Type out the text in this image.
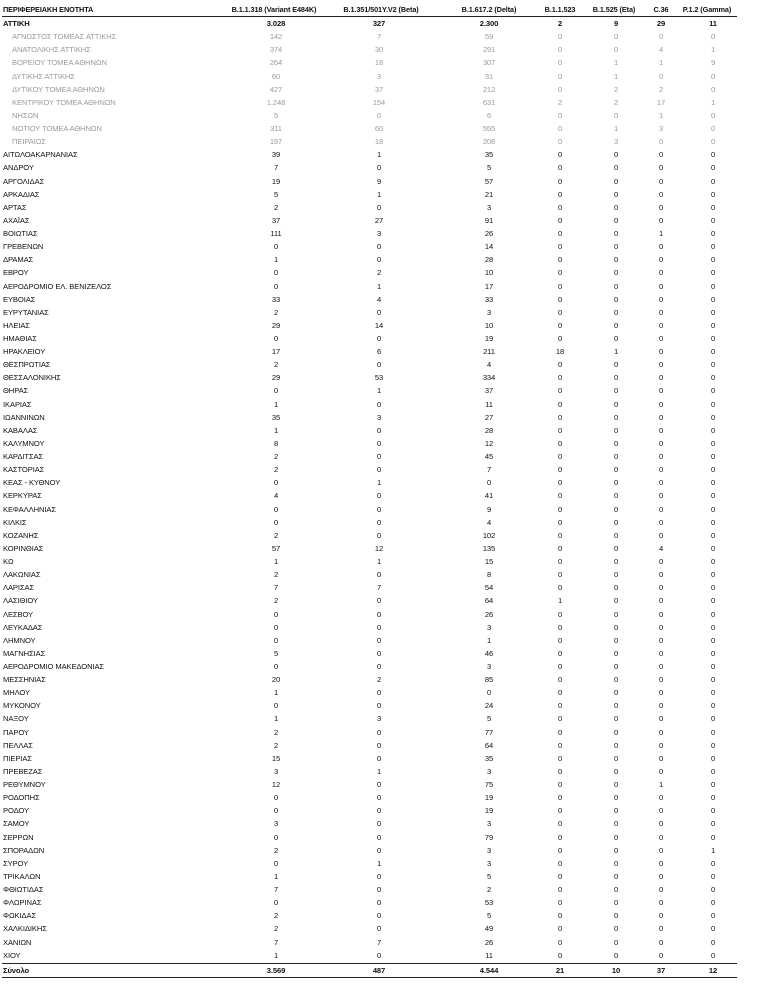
ΠΕΡΙΦΕΡΕΙΑΚΗ ΕΝΟΤΗΤΑ	B.1.1.318 (Variant E484K)	B.1.351/501Y.V2 (Beta)	B.1.617.2 (Delta)	B.1.1.523	B.1.525 (Eta)	C.36	P.1.2 (Gamma)
ΑΤΤΙΚΗ	3.028	327	2.300	2	9	29	11
ΑΓΝΩΣΤΟΣ ΤΟΜΕΑΣ ΑΤΤΙΚΗΣ	142	7	59	0	0	0	0
ΑΝΑΤΟΛΙΚΗΣ ΑΤΤΙΚΗΣ	374	30	291	0	0	4	1
ΒΟΡΕΙΟΥ ΤΟΜΕΑ ΑΘΗΝΩΝ	264	18	307	0	1	1	9
ΔΥΤΙΚΗΣ ΑΤΤΙΚΗΣ	60	3	31	0	1	0	0
ΔΥΤΙΚΟΥ ΤΟΜΕΑ ΑΘΗΝΩΝ	427	37	212	0	2	2	0
ΚΕΝΤΡΙΚΟΥ ΤΟΜΕΑ ΑΘΗΝΩΝ	1.248	154	631	2	2	17	1
ΝΗΣΩΝ	5	0	6	0	0	1	0
ΝΟΤΙΟΥ ΤΟΜΕΑ ΑΘΗΝΩΝ	311	60	555	0	1	3	0
ΠΕΙΡΑΙΩΣ	197	18	208	0	3	0	0
ΑΙΤΩΛΟΑΚΑΡΝΑΝΙΑΣ	39	1	35	0	0	0	0
ΑΝΔΡΟΥ	7	0	5	0	0	0	0
ΑΡΓΟΛΙΔΑΣ	19	9	57	0	0	0	0
ΑΡΚΑΔΙΑΣ	5	1	21	0	0	0	0
ΑΡΤΑΣ	2	0	3	0	0	0	0
ΑΧΑΪΑΣ	37	27	91	0	0	0	0
ΒΟΙΩΤΙΑΣ	111	3	26	0	0	1	0
ΓΡΕΒΕΝΩΝ	0	0	14	0	0	0	0
ΔΡΑΜΑΣ	1	0	28	0	0	0	0
ΕΒΡΟΥ	0	2	10	0	0	0	0
ΑΕΡΟΔΡΟΜΙΟ ΕΛ. ΒΕΝΙΖΕΛΟΣ	0	1	17	0	0	0	0
ΕΥΒΟΙΑΣ	33	4	33	0	0	0	0
ΕΥΡΥΤΑΝΙΑΣ	2	0	3	0	0	0	0
ΗΛΕΙΑΣ	29	14	10	0	0	0	0
ΗΜΑΘΙΑΣ	0	0	19	0	0	0	0
ΗΡΑΚΛΕΙΟΥ	17	6	211	18	1	0	0
ΘΕΣΠΡΩΤΙΑΣ	2	0	4	0	0	0	0
ΘΕΣΣΑΛΟΝΙΚΗΣ	29	53	334	0	0	0	0
ΘΗΡΑΣ	0	1	37	0	0	0	0
ΙΚΑΡΙΑΣ	1	0	11	0	0	0	0
ΙΩΑΝΝΙΝΩΝ	35	3	27	0	0	0	0
ΚΑΒΑΛΑΣ	1	0	28	0	0	0	0
ΚΑΛΥΜΝΟΥ	8	0	12	0	0	0	0
ΚΑΡΔΙΤΣΑΣ	2	0	45	0	0	0	0
ΚΑΣΤΟΡΙΑΣ	2	0	7	0	0	0	0
ΚΕΑΣ - ΚΥΘΝΟΥ	0	1	0	0	0	0	0
ΚΕΡΚΥΡΑΣ	4	0	41	0	0	0	0
ΚΕΦΑΛΛΗΝΙΑΣ	0	0	9	0	0	0	0
ΚΙΛΚΙΣ	0	0	4	0	0	0	0
ΚΟΖΑΝΗΣ	2	0	102	0	0	0	0
ΚΟΡΙΝΘΙΑΣ	57	12	135	0	0	4	0
ΚΩ	1	1	15	0	0	0	0
ΛΑΚΩΝΙΑΣ	2	0	8	0	0	0	0
ΛΑΡΙΣΑΣ	7	7	54	0	0	0	0
ΛΑΣΙΘΙΟΥ	2	0	64	1	0	0	0
ΛΕΣΒΟΥ	0	0	26	0	0	0	0
ΛΕΥΚΑΔΑΣ	0	0	3	0	0	0	0
ΛΗΜΝΟΥ	0	0	1	0	0	0	0
ΜΑΓΝΗΣΙΑΣ	5	0	46	0	0	0	0
ΑΕΡΟΔΡΟΜΙΟ ΜΑΚΕΔΟΝΙΑΣ	0	0	3	0	0	0	0
ΜΕΣΣΗΝΙΑΣ	20	2	85	0	0	0	0
ΜΗΛΟΥ	1	0	0	0	0	0	0
ΜΥΚΟΝΟΥ	0	0	24	0	0	0	0
ΝΑΞΟΥ	1	3	5	0	0	0	0
ΠΑΡΟΥ	2	0	77	0	0	0	0
ΠΕΛΛΑΣ	2	0	64	0	0	0	0
ΠΙΕΡΙΑΣ	15	0	35	0	0	0	0
ΠΡΕΒΕΖΑΣ	3	1	3	0	0	0	0
ΡΕΘΥΜΝΟΥ	12	0	75	0	0	1	0
ΡΟΔΟΠΗΣ	0	0	19	0	0	0	0
ΡΟΔΟΥ	0	0	19	0	0	0	0
ΣΑΜΟΥ	3	0	3	0	0	0	0
ΣΕΡΡΩΝ	0	0	79	0	0	0	0
ΣΠΟΡΑΔΩΝ	2	0	3	0	0	0	1
ΣΥΡΟΥ	0	1	3	0	0	0	0
ΤΡΙΚΑΛΩΝ	1	0	5	0	0	0	0
ΦΘΙΩΤΙΔΑΣ	7	0	2	0	0	0	0
ΦΛΩΡΙΝΑΣ	0	0	53	0	0	0	0
ΦΩΚΙΔΑΣ	2	0	5	0	0	0	0
ΧΑΛΚΙΔΙΚΗΣ	2	0	49	0	0	0	0
ΧΑΝΙΩΝ	7	7	26	0	0	0	0
ΧΙΟΥ	1	0	11	0	0	0	0
Σύνολο	3.569	487	4.544	21	10	37	12
